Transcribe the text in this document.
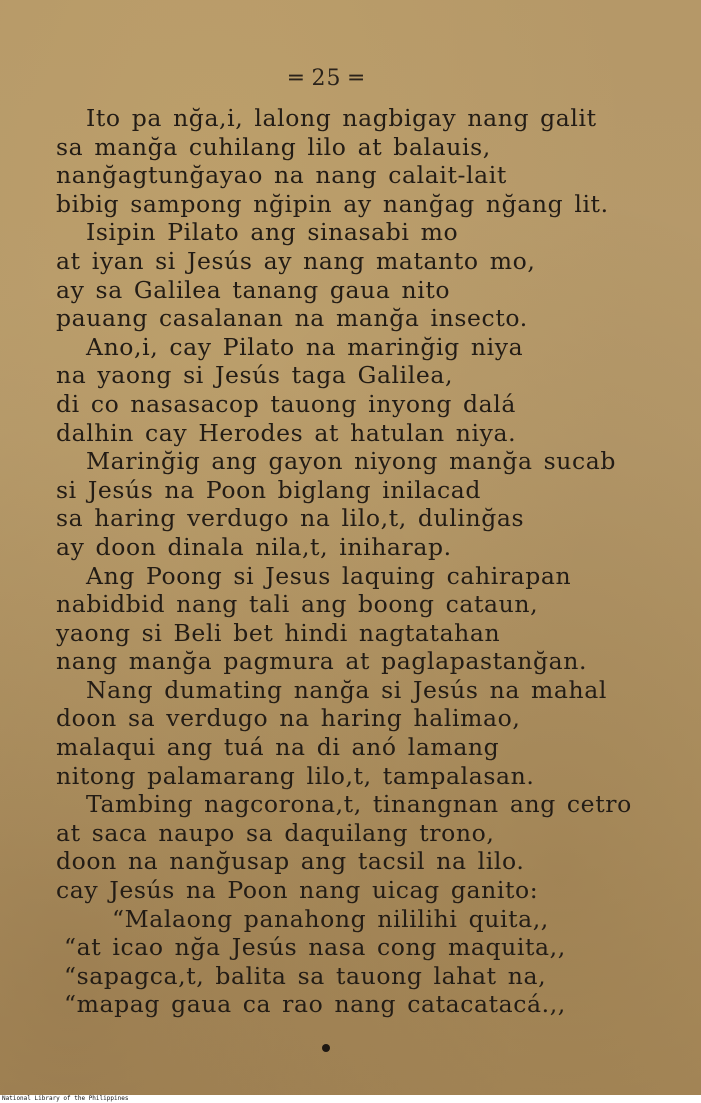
═ 25 ═
Ito pa nğa,i, lalong nagbigay nang galit
sa manğa cuhilang lilo at balauis,
nanğagtunğayao na nang calait-lait
bibig sampong nğipin ay nanğag nğang lit.
Isipin Pilato ang sinasabi mo
at iyan si Jesús ay nang matanto mo,
ay sa Galilea tanang gaua nito
pauang casalanan na manğa insecto.
Ano,i, cay Pilato na marinğig niya
na yaong si Jesús taga Galilea,
di co nasasacop tauong inyong dalá
dalhin cay Herodes at hatulan niya.
Marinğig ang gayon niyong manğa sucab
si Jesús na Poon biglang inilacad
sa haring verdugo na lilo,t, dulinğas
ay doon dinala nila,t, iniharap.
Ang Poong si Jesus laquing cahirapan
nabidbid nang tali ang boong cataun,
yaong si Beli bet hindi nagtatahan
nang manğa pagmura at paglapastanğan.
Nang dumating nanğa si Jesús na mahal
doon sa verdugo na haring halimao,
malaqui ang tuá na di anó lamang
nitong palamarang lilo,t, tampalasan.
Tambing nagcorona,t, tinangnan ang cetro
at saca naupo sa daquilang trono,
doon na nanğusap ang tacsil na lilo.
cay Jesús na Poon nang uicag ganito:
“Malaong panahong nililihi quita,,
“at icao nğa Jesús nasa cong maquita,,
“sapagca,t, balita sa tauong lahat na,
“mapag gaua ca rao nang catacatacá.,,
National Library of the Philippines
